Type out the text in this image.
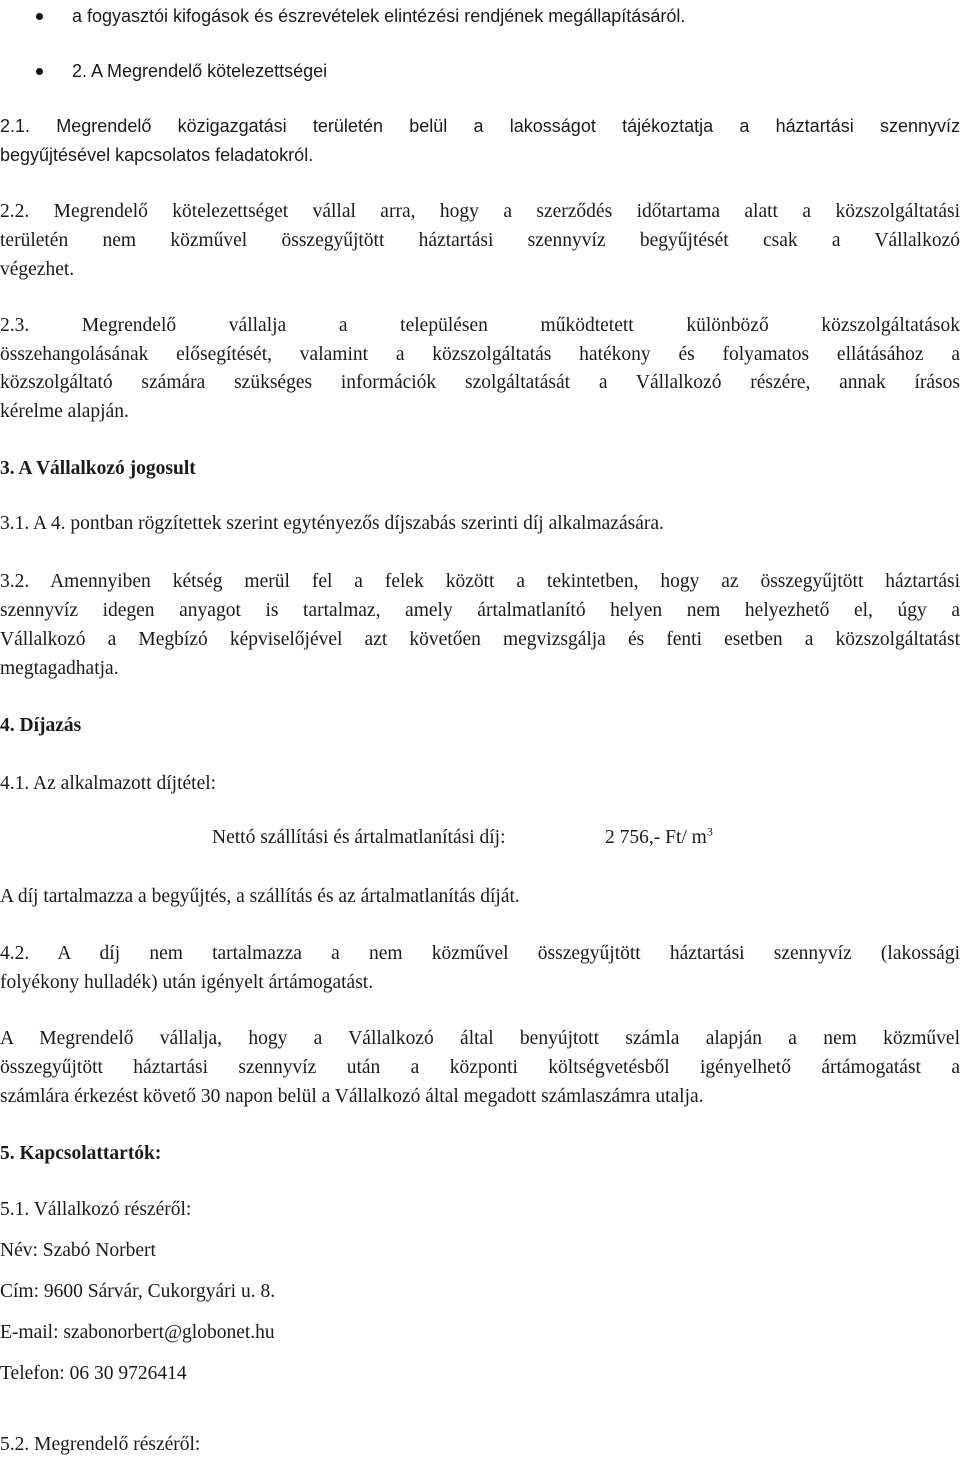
a fogyasztói kifogások és észrevételek elintézési rendjének megállapításáról.
2. A Megrendelő kötelezettségei
2.1. Megrendelő közigazgatási területén belül a lakosságot tájékoztatja a háztartási szennyvíz
begyűjtésével kapcsolatos feladatokról.
2.2. Megrendelő kötelezettséget vállal arra, hogy a szerződés időtartama alatt a közszolgáltatási
területén nem közművel összegyűjtött háztartási szennyvíz begyűjtését csak a Vállalkozó
végezhet.
2.3. Megrendelő vállalja a településen működtetett különböző közszolgáltatások
összehangolásának elősegítését, valamint a közszolgáltatás hatékony és folyamatos ellátásához a
közszolgáltató számára szükséges információk szolgáltatását a Vállalkozó részére, annak írásos
kérelme alapján.
3. A Vállalkozó jogosult
3.1. A 4. pontban rögzítettek szerint egytényezős díjszabás szerinti díj alkalmazására.
3.2. Amennyiben kétség merül fel a felek között a tekintetben, hogy az összegyűjtött háztartási
szennyvíz idegen anyagot is tartalmaz, amely ártalmatlanító helyen nem helyezhető el, úgy a
Vállalkozó a Megbízó képviselőjével azt követően megvizsgálja és fenti esetben a közszolgáltatást
megtagadhatja.
4. Díjazás
4.1. Az alkalmazott díjtétel:
Nettó szállítási és ártalmatlanítási díj:	2 756,- Ft/ $m^3$
A díj tartalmazza a begyűjtés, a szállítás és az ártalmatlanítás díját.
4.2. A díj nem tartalmazza a nem közművel összegyűjtött háztartási szennyvíz (lakossági
folyékony hulladék) után igényelt ártámogatást.
A Megrendelő vállalja, hogy a Vállalkozó által benyújtott számla alapján a nem közművel
összegyűjtött háztartási szennyvíz után a központi költségvetésből igényelhető ártámogatást a
számlára érkezést követő 30 napon belül a Vállalkozó által megadott számlaszámra utalja.
5. Kapcsolattartók:
5.1. Vállalkozó részéről:
Név: Szabó Norbert
Cím: 9600 Sárvár, Cukorgyári u. 8.
E-mail: szabonorbert@globonet.hu
Telefon: 06 30 9726414
5.2. Megrendelő részéről:
